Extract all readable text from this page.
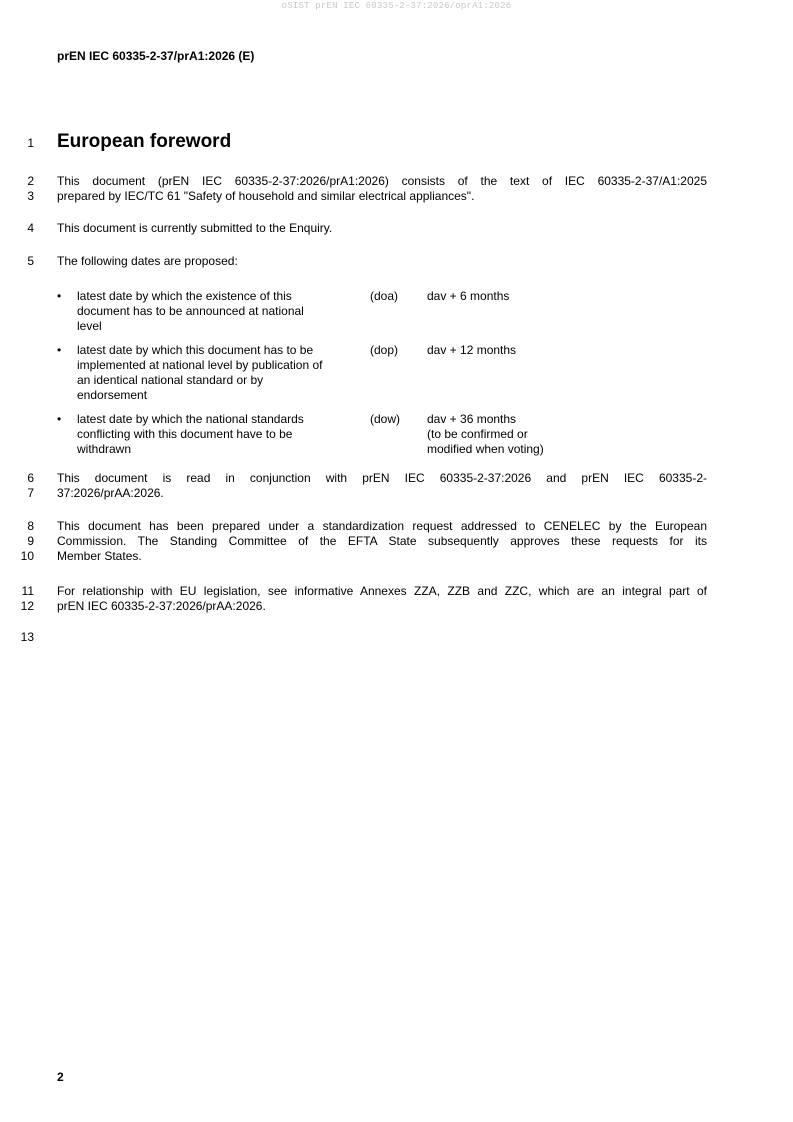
oSIST prEN IEC 60335-2-37:2026/oprA1:2026
prEN IEC 60335-2-37/prA1:2026 (E)
1 European foreword
2
3
This document (prEN IEC 60335-2-37:2026/prA1:2026) consists of the text of IEC 60335-2-37/A1:2025
prepared by IEC/TC 61 "Safety of household and similar electrical appliances".
4 This document is currently submitted to the Enquiry.
5 The following dates are proposed:
•	latest date by which the existence of this
document has to be announced at national
level
(doa)	dav + 6 months
•	latest date by which this document has to be
implemented at national level by publication of
an identical national standard or by
endorsement
(dop)	dav + 12 months
•	latest date by which the national standards
conflicting with this document have to be
withdrawn
(dow)	dav + 36 months
(to be confirmed or
modified when voting)
6
7
This document is read in conjunction with prEN IEC 60335-2-37:2026 and prEN IEC 60335-2-
37:2026/prAA:2026.
8
9
10
This document has been prepared under a standardization request addressed to CENELEC by the European
Commission. The Standing Committee of the EFTA State subsequently approves these requests for its
Member States.
11
12
For relationship with EU legislation, see informative Annexes ZZA, ZZB and ZZC, which are an integral part of
prEN IEC 60335-2-37:2026/prAA:2026.
13
2
